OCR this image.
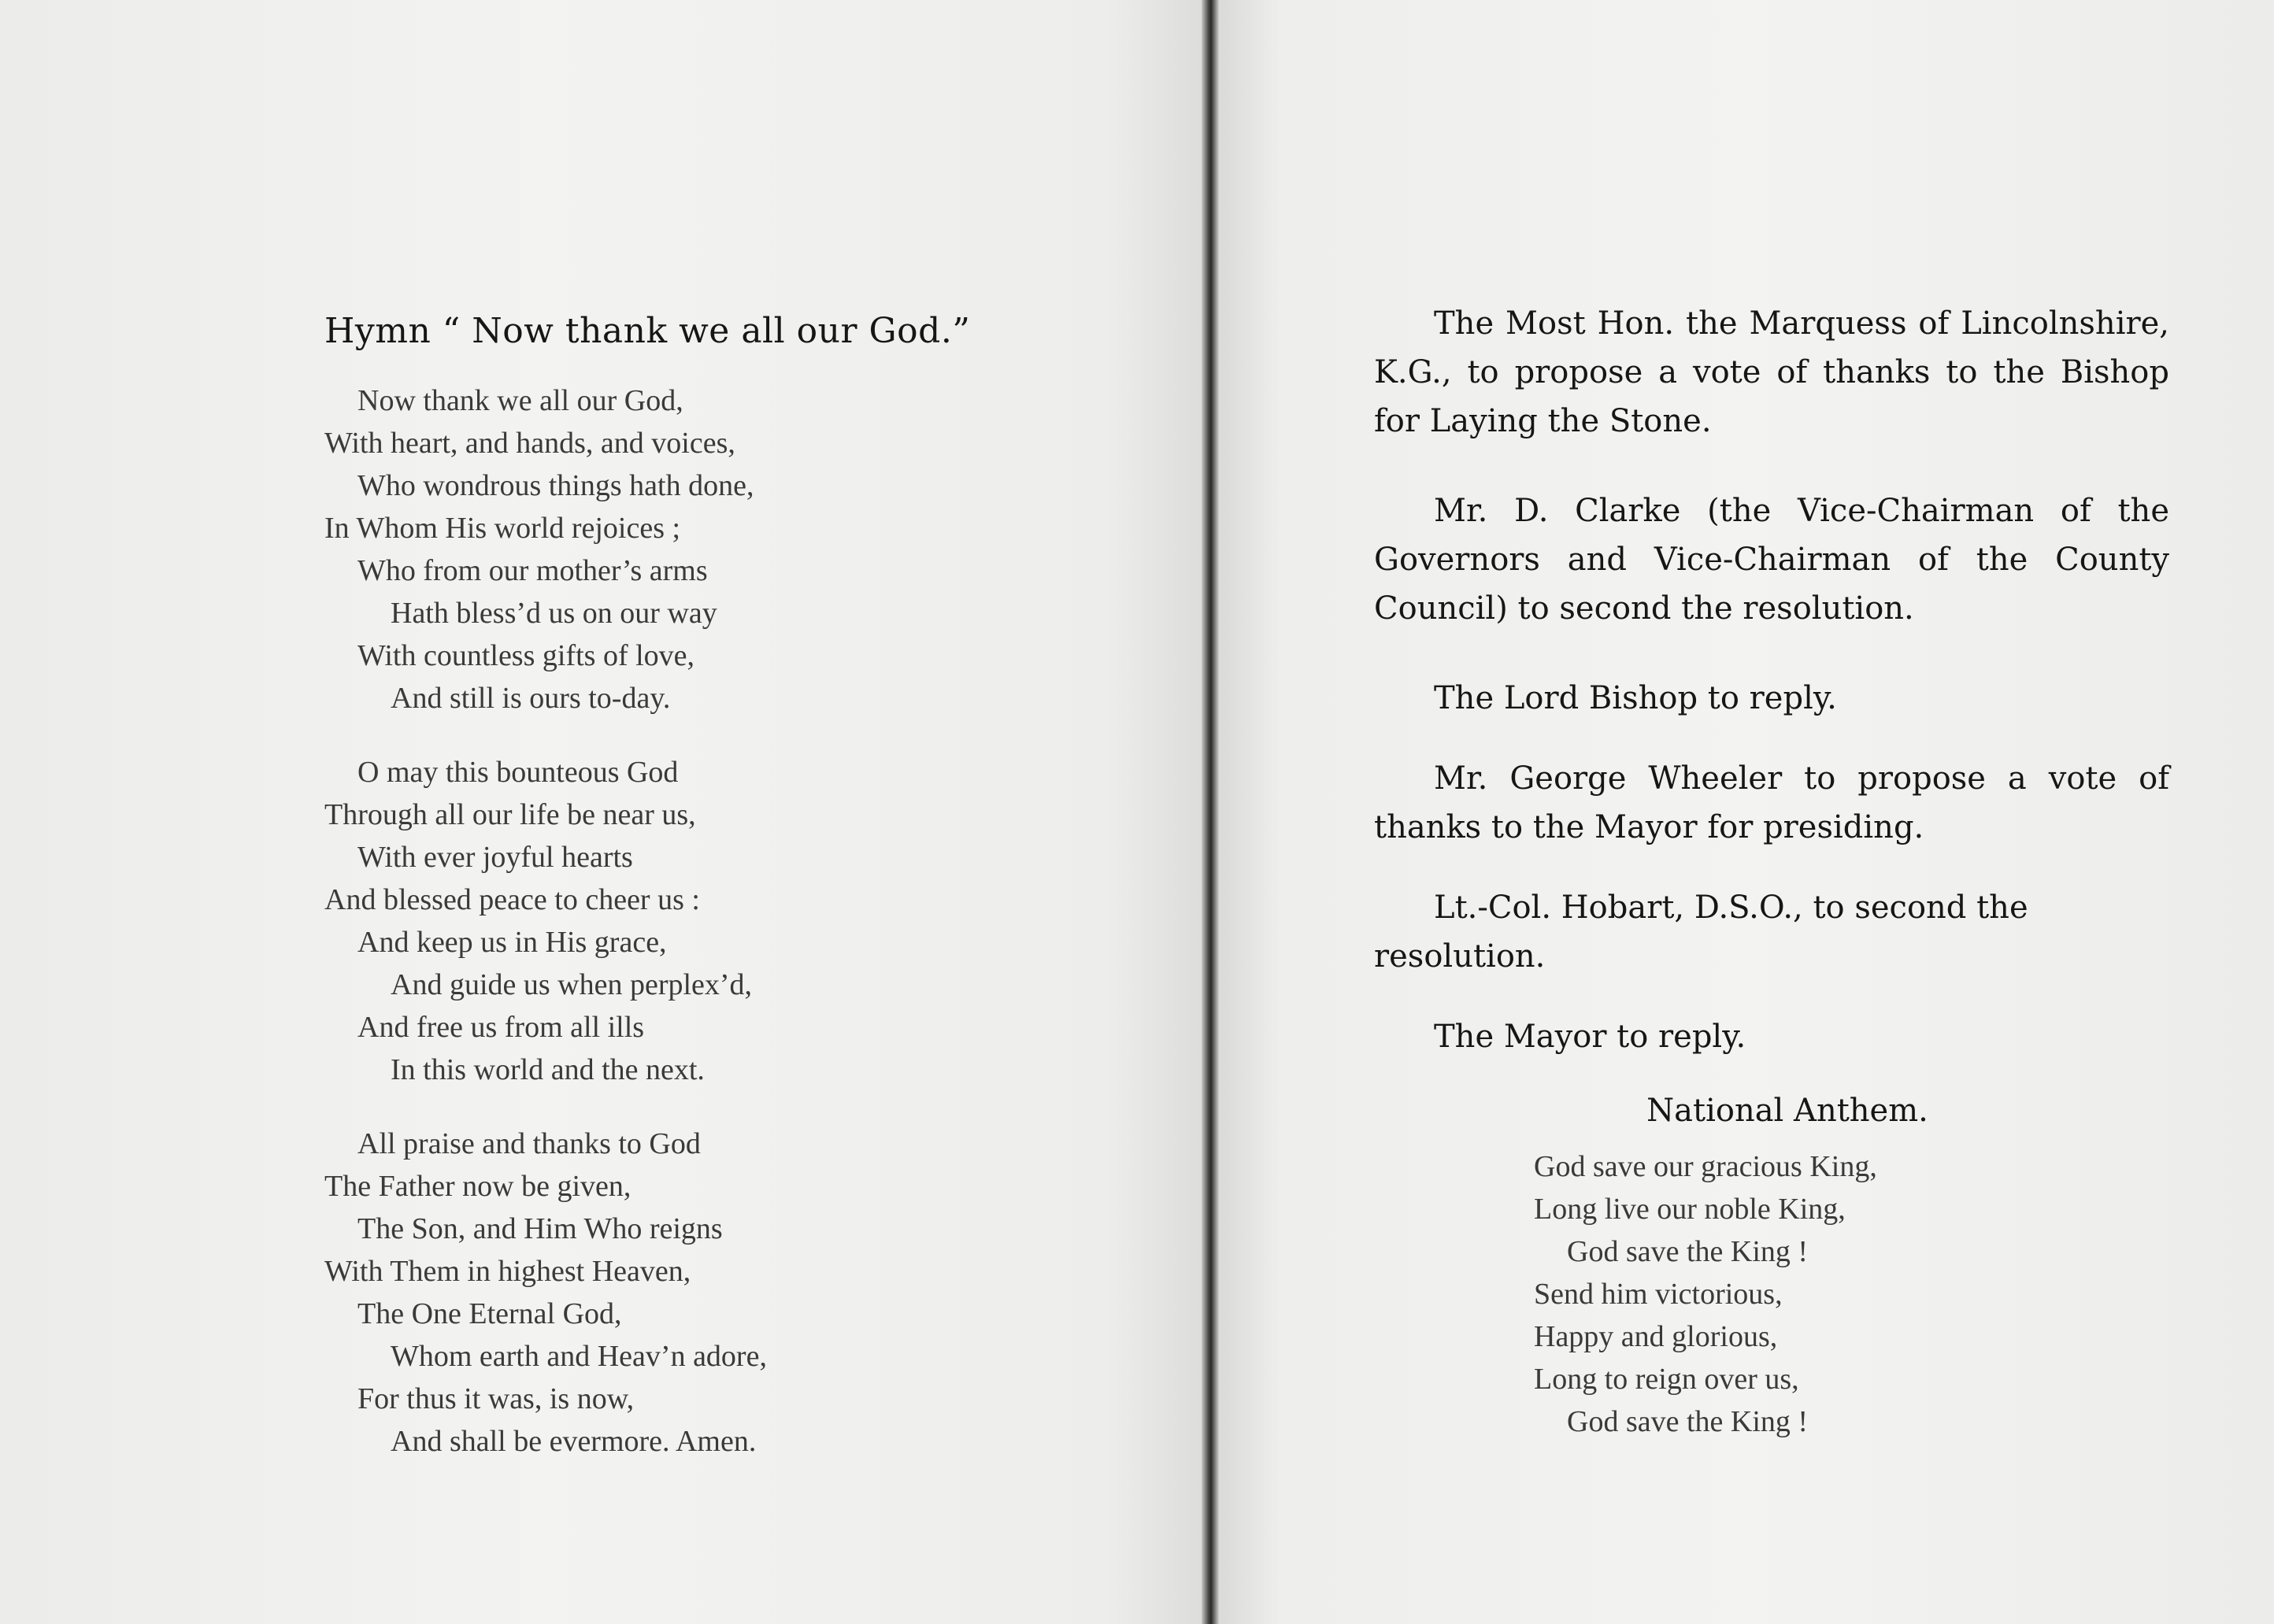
Hymn “ Now thank we all our God.”
Now thank we all our God,
With heart, and hands, and voices,
Who wondrous things hath done,
In Whom His world rejoices ;
Who from our mother’s arms
Hath bless’d us on our way
With countless gifts of love,
And still is ours to-day.
O may this bounteous God
Through all our life be near us,
With ever joyful hearts
And blessed peace to cheer us :
And keep us in His grace,
And guide us when perplex’d,
And free us from all ills
In this world and the next.
All praise and thanks to God
The Father now be given,
The Son, and Him Who reigns
With Them in highest Heaven,
The One Eternal God,
Whom earth and Heav’n adore,
For thus it was, is now,
And shall be evermore. Amen.
The Most Hon. the Marquess of Lincolnshire, K.G., to propose a vote of thanks to the Bishop for Laying the Stone.
Mr. D. Clarke (the Vice-Chairman of the Governors and Vice-Chairman of the County Council) to second the resolution.
The Lord Bishop to reply.
Mr. George Wheeler to propose a vote of thanks to the Mayor for presiding.
Lt.-Col. Hobart, D.S.O., to second the resolution.
The Mayor to reply.
National Anthem.
God save our gracious King,
Long live our noble King,
God save the King !
Send him victorious,
Happy and glorious,
Long to reign over us,
God save the King !
